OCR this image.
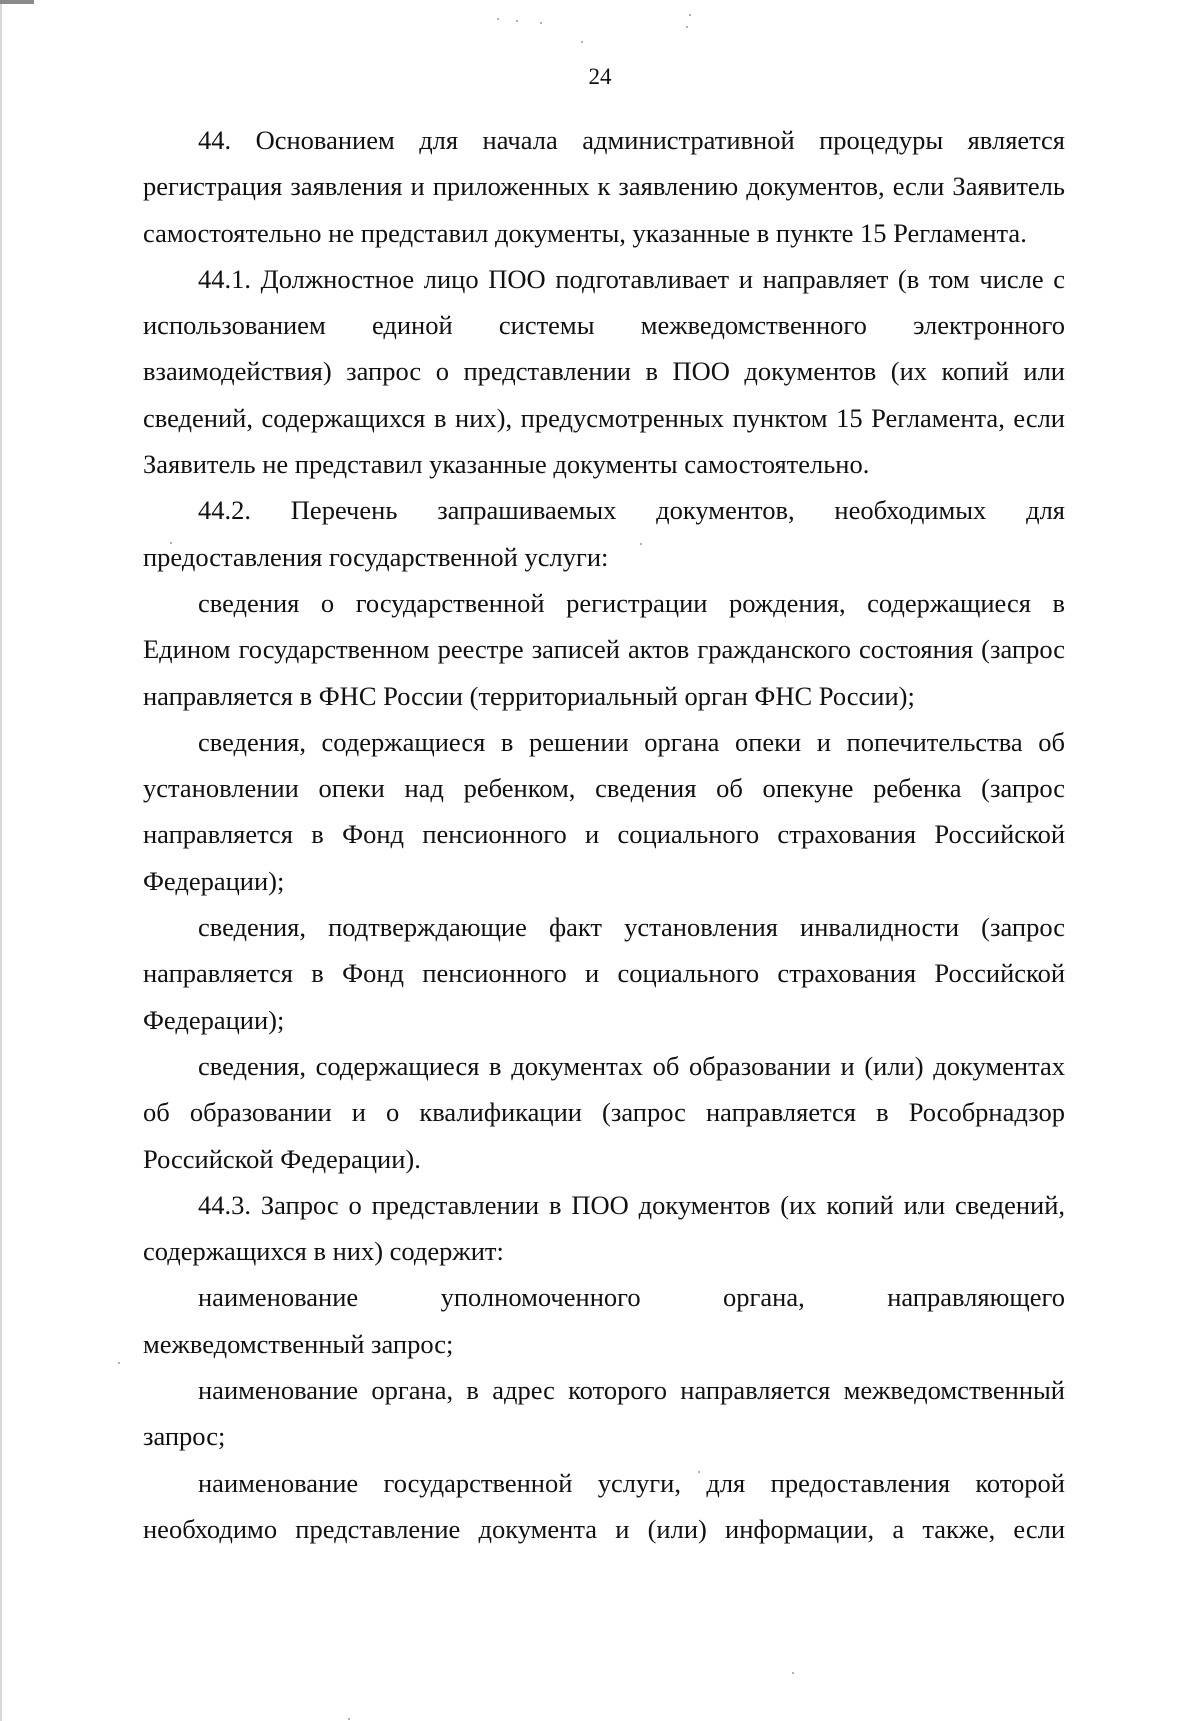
24

44. Основанием для начала административной процедуры является регистрация заявления и приложенных к заявлению документов, если Заявитель самостоятельно не представил документы, указанные в пункте 15 Регламента.

44.1. Должностное лицо ПОО подготавливает и направляет (в том числе с использованием единой системы межведомственного электронного взаимодействия) запрос о представлении в ПОО документов (их копий или сведений, содержащихся в них), предусмотренных пунктом 15 Регламента, если Заявитель не представил указанные документы самостоятельно.

44.2. Перечень запрашиваемых документов, необходимых для предоставления государственной услуги:

сведения о государственной регистрации рождения, содержащиеся в Едином государственном реестре записей актов гражданского состояния (запрос направляется в ФНС России (территориальный орган ФНС России);

сведения, содержащиеся в решении органа опеки и попечительства об установлении опеки над ребенком, сведения об опекуне ребенка (запрос направляется в Фонд пенсионного и социального страхования Российской Федерации);

сведения, подтверждающие факт установления инвалидности (запрос направляется в Фонд пенсионного и социального страхования Российской Федерации);

сведения, содержащиеся в документах об образовании и (или) документах об образовании и о квалификации (запрос направляется в Рособрнадзор Российской Федерации).

44.3. Запрос о представлении в ПОО документов (их копий или сведений, содержащихся в них) содержит:

наименование уполномоченного органа, направляющего межведомственный запрос;

наименование органа, в адрес которого направляется межведомственный запрос;

наименование государственной услуги, для предоставления которой необходимо представление документа и (или) информации, а также, если
